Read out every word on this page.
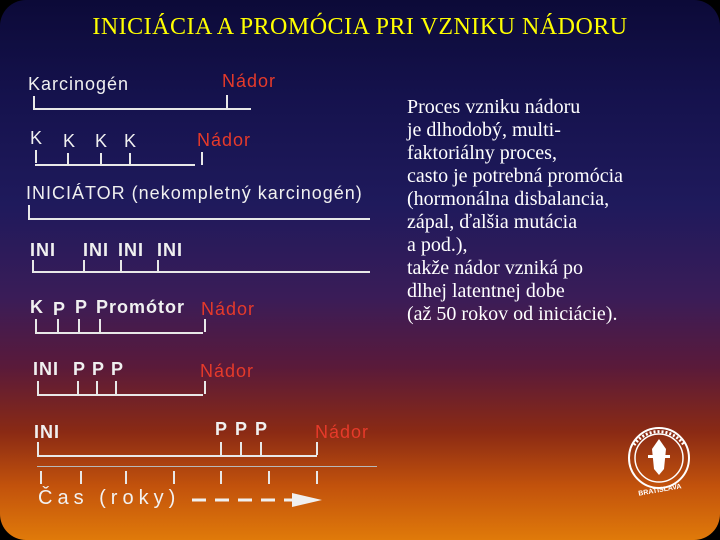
INICIÁCIA A PROMÓCIA PRI VZNIKU NÁDORU
Karcinogén	Nádor
K K K K	Nádor
INICIÁTOR (nekompletný karcinogén)
INI INI INI INI
K P P Promótor Nádor
INI P P P	Nádor
INI	P P P	Nádor
Čas (roky)
Proces vzniku nádoru
je dlhodobý, multi-
faktoriálny proces,
casto je potrebná promócia
(hormonálna disbalancia,
zápal, ďalšia mutácia
a pod.),
takže nádor vzniká po
dlhej latentnej dobe
(až 50 rokov od iniciácie).
BRATISLAVA
